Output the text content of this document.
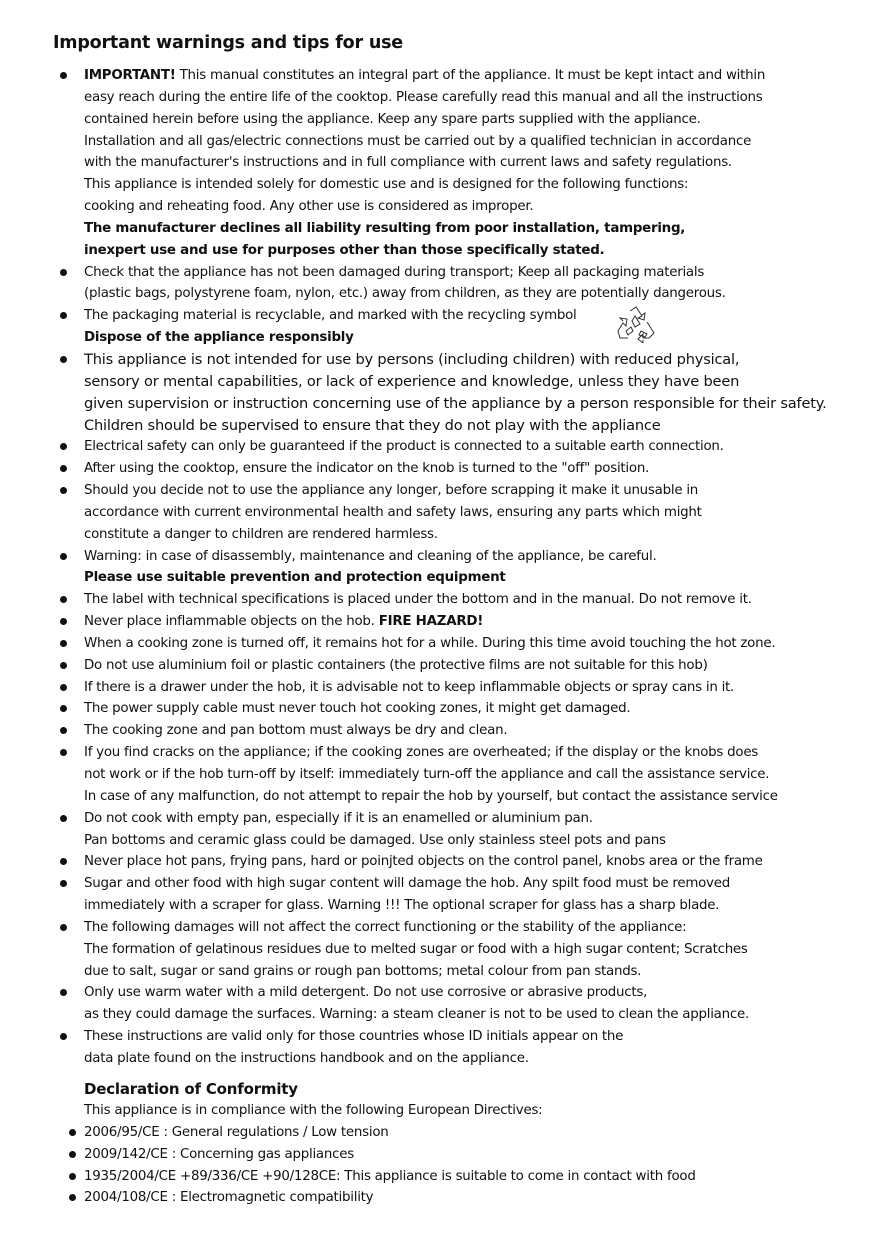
Important warnings and tips for use
IMPORTANT! This manual constitutes an integral part of the appliance. It must be kept intact and within
easy reach during the entire life of the cooktop. Please carefully read this manual and all the instructions
contained herein before using the appliance. Keep any spare parts supplied with the appliance.
Installation and all gas/electric connections must be carried out by a qualified technician in accordance
with the manufacturer's instructions and in full compliance with current laws and safety regulations.
This appliance is intended solely for domestic use and is designed for the following functions:
cooking and reheating food. Any other use is considered as improper.
The manufacturer declines all liability resulting from poor installation, tampering,
inexpert use and use for purposes other than those specifically stated.
Check that the appliance has not been damaged during transport; Keep all packaging materials
(plastic bags, polystyrene foam, nylon, etc.) away from children, as they are potentially dangerous.
The packaging material is recyclable, and marked with the recycling symbol
Dispose of the appliance responsibly
This appliance is not intended for use by persons (including children) with reduced physical,
sensory or mental capabilities, or lack of experience and knowledge, unless they have been
given supervision or instruction concerning use of the appliance by a person responsible for their safety.
Children should be supervised to ensure that they do not play with the appliance
Electrical safety can only be guaranteed if the product is connected to a suitable earth connection.
After using the cooktop, ensure the indicator on the knob is turned to the "off" position.
Should you decide not to use the appliance any longer, before scrapping it make it unusable in
accordance with current environmental health and safety laws, ensuring any parts which might
constitute a danger to children are rendered harmless.
Warning: in case of disassembly, maintenance and cleaning of the appliance, be careful.
Please use suitable prevention and protection equipment
The label with technical specifications is placed under the bottom and in the manual. Do not remove it.
Never place inflammable objects on the hob. FIRE HAZARD!
When a cooking zone is turned off, it remains hot for a while. During this time avoid touching the hot zone.
Do not use aluminium foil or plastic containers (the protective films are not suitable for this hob)
If there is a drawer under the hob, it is advisable not to keep inflammable objects or spray cans in it.
The power supply cable must never touch hot cooking zones, it might get damaged.
The cooking zone and pan bottom must always be dry and clean.
If you find cracks on the appliance; if the cooking zones are overheated; if the display or the knobs does
not work or if the hob turn-off by itself: immediately turn-off the appliance and call the assistance service.
In case of any malfunction, do not attempt to repair the hob by yourself, but contact the assistance service
Do not cook with empty pan, especially if it is an enamelled or aluminium pan.
Pan bottoms and ceramic glass could be damaged. Use only stainless steel pots and pans
Never place hot pans, frying pans, hard or poinjted objects on the control panel, knobs area or the frame
Sugar and other food with high sugar content will damage the hob. Any spilt food must be removed
immediately with a scraper for glass. Warning !!! The optional scraper for glass has a sharp blade.
The following damages will not affect the correct functioning or the stability of the appliance:
The formation of gelatinous residues due to melted sugar or food with a high sugar content; Scratches
due to salt, sugar or sand grains or rough pan bottoms; metal colour from pan stands.
Only use warm water with a mild detergent. Do not use corrosive or abrasive products,
as they could damage the surfaces. Warning: a steam cleaner is not to be used to clean the appliance.
These instructions are valid only for those countries whose ID initials appear on the
data plate found on the instructions handbook and on the appliance.
Declaration of Conformity
This appliance is in compliance with the following European Directives:
2006/95/CE : General regulations / Low tension
2009/142/CE : Concerning gas appliances
1935/2004/CE +89/336/CE +90/128CE: This appliance is suitable to come in contact with food
2004/108/CE : Electromagnetic compatibility
